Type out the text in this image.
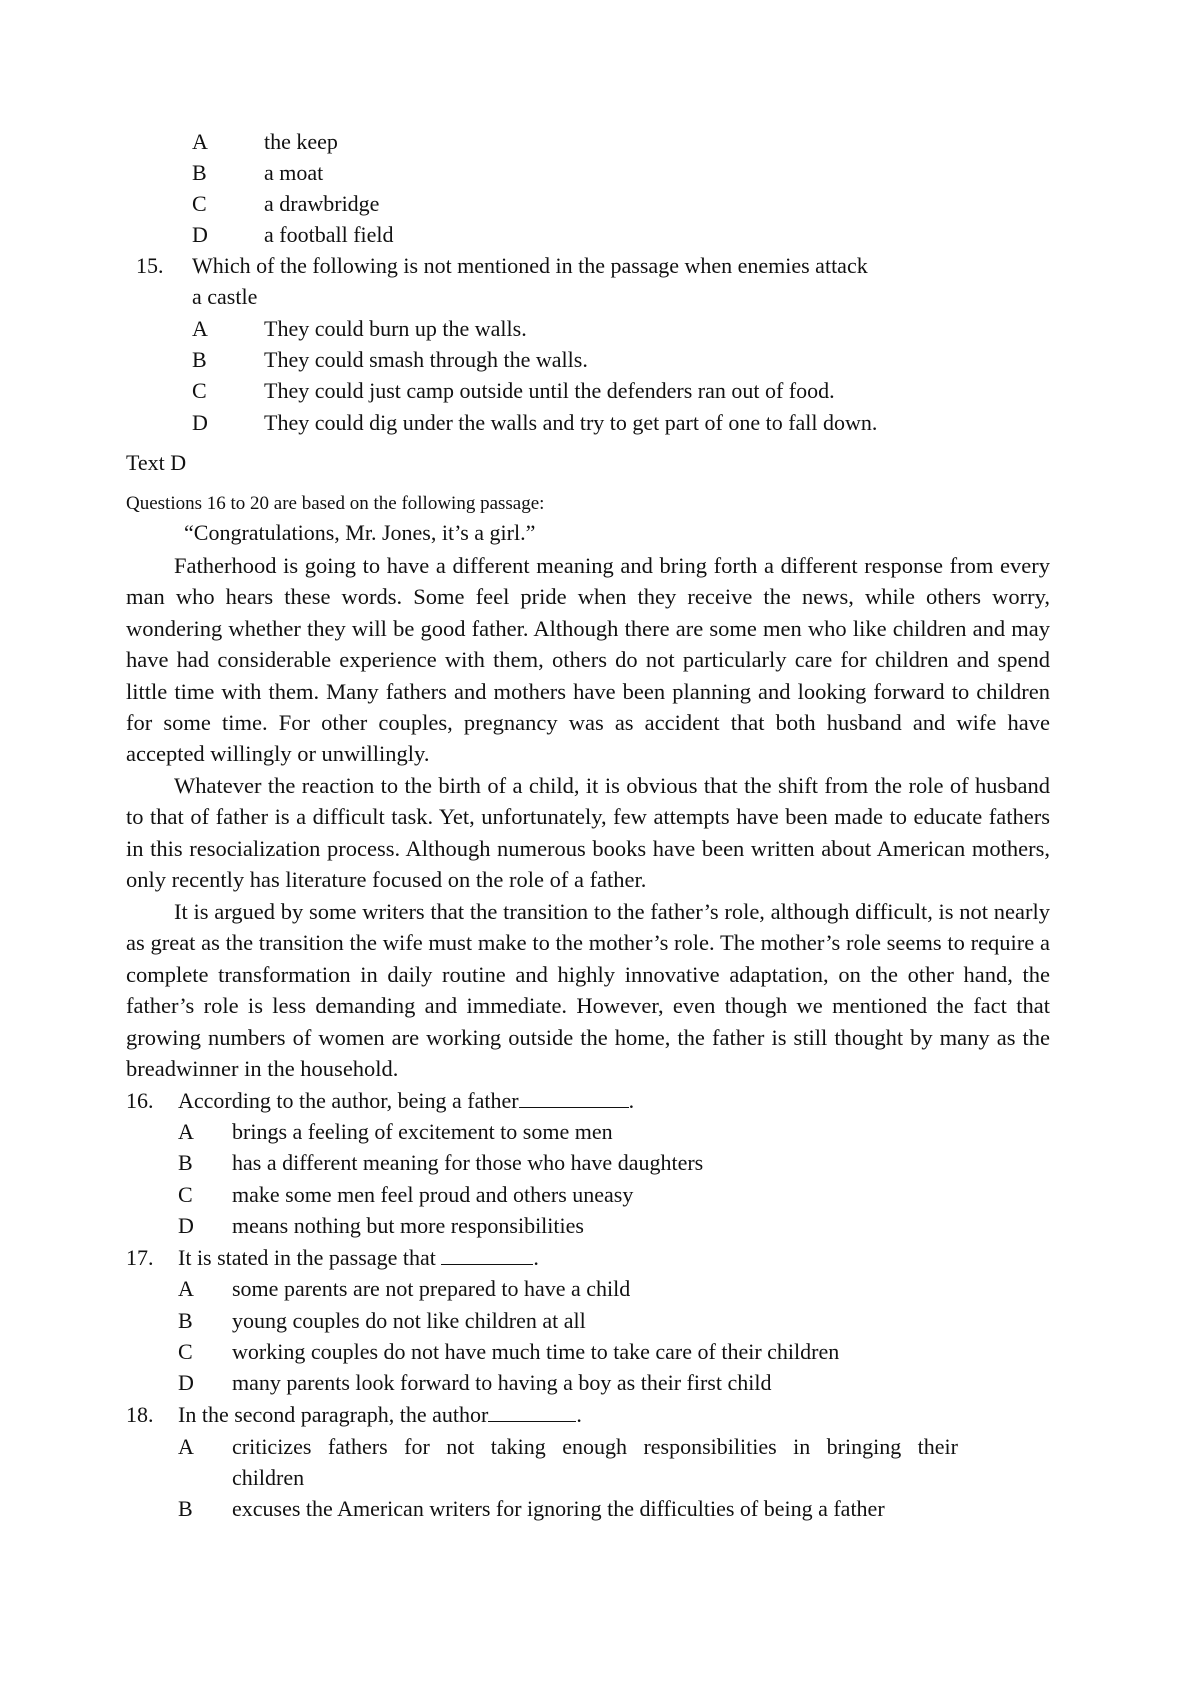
A	the keep
B	a moat
C	a drawbridge
D	a football field
15. Which of the following is not mentioned in the passage when enemies attack
a castle
A	They could burn up the walls.
B	They could smash through the walls.
C	They could just camp outside until the defenders ran out of food.
D	They could dig under the walls and try to get part of one to fall down.
Text D
Questions 16 to 20 are based on the following passage:
“Congratulations, Mr. Jones, it’s a girl.”

Fatherhood is going to have a different meaning and bring forth a different response from every man who hears these words. Some feel pride when they receive the news, while others worry, wondering whether they will be good father. Although there are some men who like children and may have had considerable experience with them, others do not particularly care for children and spend little time with them. Many fathers and mothers have been planning and looking forward to children for some time. For other couples, pregnancy was as accident that both husband and wife have accepted willingly or unwillingly.

Whatever the reaction to the birth of a child, it is obvious that the shift from the role of husband to that of father is a difficult task. Yet, unfortunately, few attempts have been made to educate fathers in this resocialization process. Although numerous books have been written about American mothers, only recently has literature focused on the role of a father.

It is argued by some writers that the transition to the father’s role, although difficult, is not nearly as great as the transition the wife must make to the mother’s role. The mother’s role seems to require a complete transformation in daily routine and highly innovative adaptation, on the other hand, the father’s role is less demanding and immediate. However, even though we mentioned the fact that growing numbers of women are working outside the home, the father is still thought by many as the breadwinner in the household.

16. According to the author, being a father	.
A brings a feeling of excitement to some men
B has a different meaning for those who have daughters
C make some men feel proud and others uneasy
D means nothing but more responsibilities
17. It is stated in the passage that	.
A some parents are not prepared to have a child
B young couples do not like children at all
C working couples do not have much time to take care of their children
D many parents look forward to having a boy as their first child
18. In the second paragraph, the author	.
A criticizes fathers for not taking enough responsibilities in bringing their
children
B excuses the American writers for ignoring the difficulties of being a father
